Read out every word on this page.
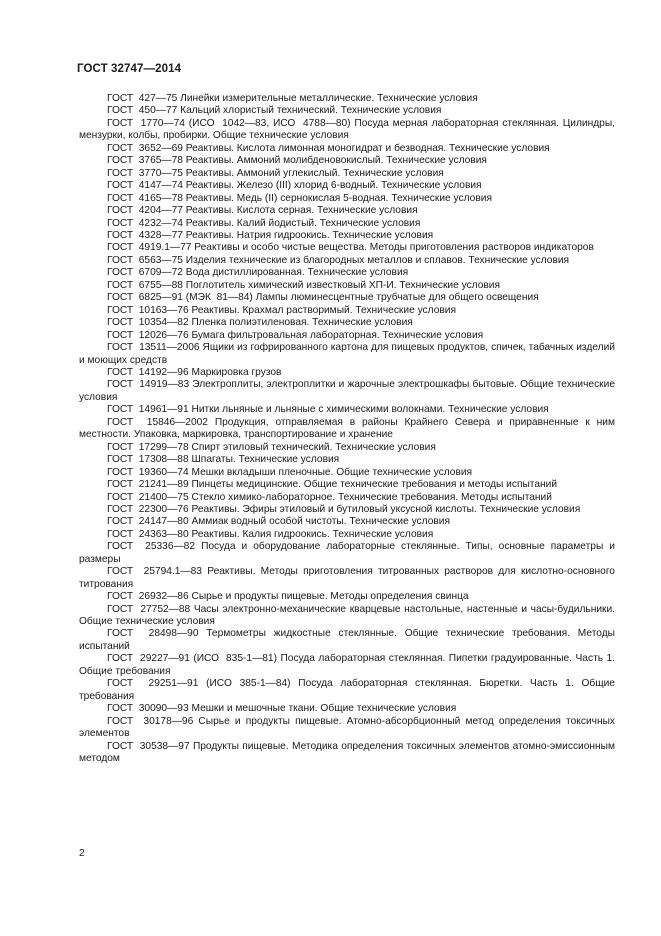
ГОСТ 32747—2014

ГОСТ  427—75 Линейки измерительные металлические. Технические условия

ГОСТ  450—77 Кальций хлористый технический. Технические условия

ГОСТ  1770—74 (ИСО  1042—83, ИСО  4788—80) Посуда мерная лабораторная стеклянная. Цилиндры, мензурки, колбы, пробирки. Общие технические условия

ГОСТ  3652—69 Реактивы. Кислота лимонная моногидрат и безводная. Технические условия

ГОСТ  3765—78 Реактивы. Аммоний молибденовокислый. Технические условия

ГОСТ  3770—75 Реактивы. Аммоний углекислый. Технические условия

ГОСТ  4147—74 Реактивы. Железо (III) хлорид 6-водный. Технические условия

ГОСТ  4165—78 Реактивы. Медь (II) сернокислая 5-водная. Технические условия

ГОСТ  4204—77 Реактивы. Кислота серная. Технические условия

ГОСТ  4232—74 Реактивы. Калий йодистый. Технические условия

ГОСТ  4328—77 Реактивы. Натрия гидроокись. Технические условия

ГОСТ  4919.1—77 Реактивы и особо чистые вещества. Методы приготовления растворов индикаторов

ГОСТ  6563—75 Изделия технические из благородных металлов и сплавов. Технические условия

ГОСТ  6709—72 Вода дистиллированная. Технические условия

ГОСТ  6755—88 Поглотитель химический известковый ХП-И. Технические условия

ГОСТ  6825—91 (МЭК  81—84) Лампы люминесцентные трубчатые для общего освещения

ГОСТ  10163—76 Реактивы. Крахмал растворимый. Технические условия

ГОСТ  10354—82 Пленка полиэтиленовая. Технические условия

ГОСТ  12026—76 Бумага фильтровальная лабораторная. Технические условия

ГОСТ  13511—2006 Ящики из гофрированного картона для пищевых продуктов, спичек, табачных изделий и моющих средств

ГОСТ  14192—96 Маркировка грузов

ГОСТ  14919—83 Электроплиты, электроплитки и жарочные электрошкафы бытовые. Общие технические условия

ГОСТ  14961—91 Нитки льняные и льняные с химическими волокнами. Технические условия

ГОСТ  15846—2002 Продукция, отправляемая в районы Крайнего Севера и приравненные к ним местности. Упаковка, маркировка, транспортирование и хранение

ГОСТ  17299—78 Спирт этиловый технический. Технические условия

ГОСТ  17308—88 Шпагаты. Технические условия

ГОСТ  19360—74 Мешки вкладыши пленочные. Общие технические условия

ГОСТ  21241—89 Пинцеты медицинские. Общие технические требования и методы испытаний

ГОСТ  21400—75 Стекло химико-лабораторное. Технические требования. Методы испытаний

ГОСТ  22300—76 Реактивы. Эфиры этиловый и бутиловый уксусной кислоты. Технические условия

ГОСТ  24147—80 Аммиак водный особой чистоты. Технические условия

ГОСТ  24363—80 Реактивы. Калия гидроокись. Технические условия

ГОСТ  25336—82 Посуда и оборудование лабораторные стеклянные. Типы, основные параметры и размеры

ГОСТ  25794.1—83 Реактивы. Методы приготовления титрованных растворов для кислотно-основного титрования

ГОСТ  26932—86 Сырье и продукты пищевые. Методы определения свинца

ГОСТ  27752—88 Часы электронно-механические кварцевые настольные, настенные и часы-будильники. Общие технические условия

ГОСТ  28498—90 Термометры жидкостные стеклянные. Общие технические требования. Методы испытаний

ГОСТ  29227—91 (ИСО  835-1—81) Посуда лабораторная стеклянная. Пипетки градуированные. Часть 1. Общие требования

ГОСТ  29251—91 (ИСО 385-1—84) Посуда лабораторная стеклянная. Бюретки. Часть 1. Общие требования

ГОСТ  30090—93 Мешки и мешочные ткани. Общие технические условия

ГОСТ  30178—96 Сырье и продукты пищевые. Атомно-абсорбционный метод определения токсичных элементов

ГОСТ  30538—97 Продукты пищевые. Методика определения токсичных элементов атомно-эмиссионным методом

2
